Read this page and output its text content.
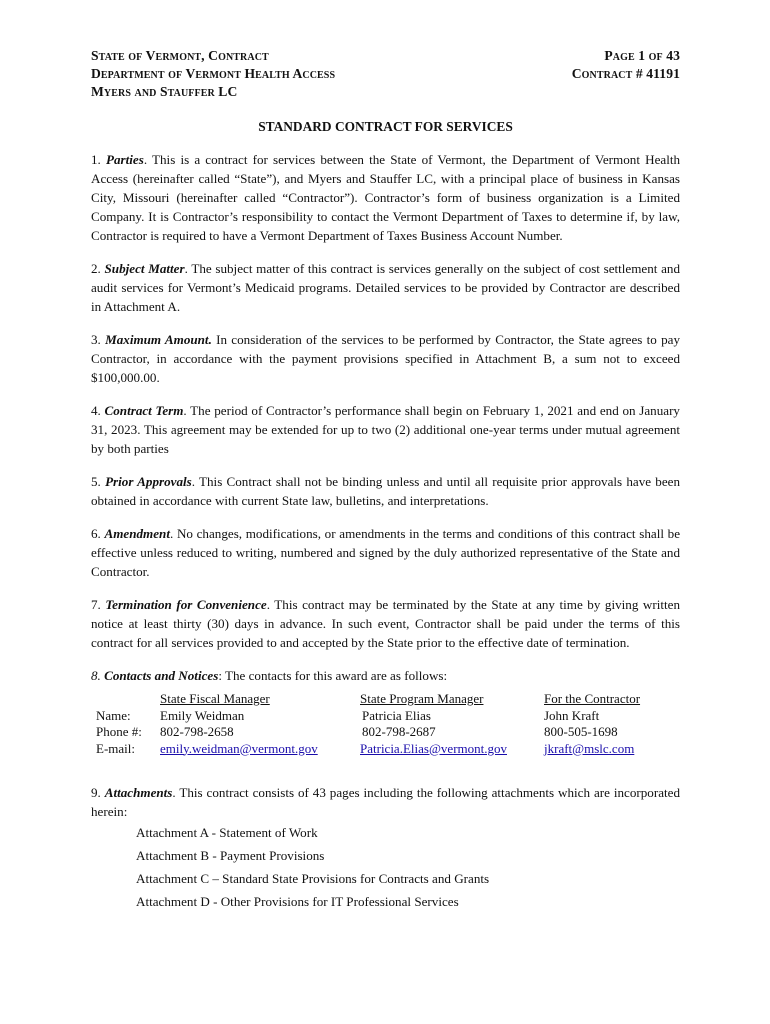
State of Vermont, Contract	Page 1 of 43
Department of Vermont Health Access	Contract # 41191
Myers and Stauffer LC
STANDARD CONTRACT FOR SERVICES

1. Parties. This is a contract for services between the State of Vermont, the Department of Vermont Health Access (hereinafter called “State”), and Myers and Stauffer LC, with a principal place of business in Kansas City, Missouri (hereinafter called “Contractor”). Contractor’s form of business organization is a Limited Company. It is Contractor’s responsibility to contact the Vermont Department of Taxes to determine if, by law, Contractor is required to have a Vermont Department of Taxes Business Account Number.

2. Subject Matter. The subject matter of this contract is services generally on the subject of cost settlement and audit services for Vermont’s Medicaid programs. Detailed services to be provided by Contractor are described in Attachment A.

3. Maximum Amount. In consideration of the services to be performed by Contractor, the State agrees to pay Contractor, in accordance with the payment provisions specified in Attachment B, a sum not to exceed $100,000.00.

4. Contract Term. The period of Contractor’s performance shall begin on February 1, 2021 and end on January 31, 2023. This agreement may be extended for up to two (2) additional one-year terms under mutual agreement by both parties

5. Prior Approvals. This Contract shall not be binding unless and until all requisite prior approvals have been obtained in accordance with current State law, bulletins, and interpretations.

6. Amendment. No changes, modifications, or amendments in the terms and conditions of this contract shall be effective unless reduced to writing, numbered and signed by the duly authorized representative of the State and Contractor.

7. Termination for Convenience. This contract may be terminated by the State at any time by giving written notice at least thirty (30) days in advance. In such event, Contractor shall be paid under the terms of this contract for all services provided to and accepted by the State prior to the effective date of termination.

8. Contacts and Notices: The contacts for this award are as follows:
	State Fiscal Manager	State Program Manager	For the Contractor
Name:	Emily Weidman	Patricia Elias	John Kraft
Phone #:	802-798-2658	802-798-2687	800-505-1698
E-mail:	emily.weidman@vermont.gov	Patricia.Elias@vermont.gov	jkraft@mslc.com

9. Attachments. This contract consists of 43 pages including the following attachments which are incorporated herein:

Attachment A - Statement of Work
Attachment B - Payment Provisions
Attachment C – Standard State Provisions for Contracts and Grants
Attachment D - Other Provisions for IT Professional Services
